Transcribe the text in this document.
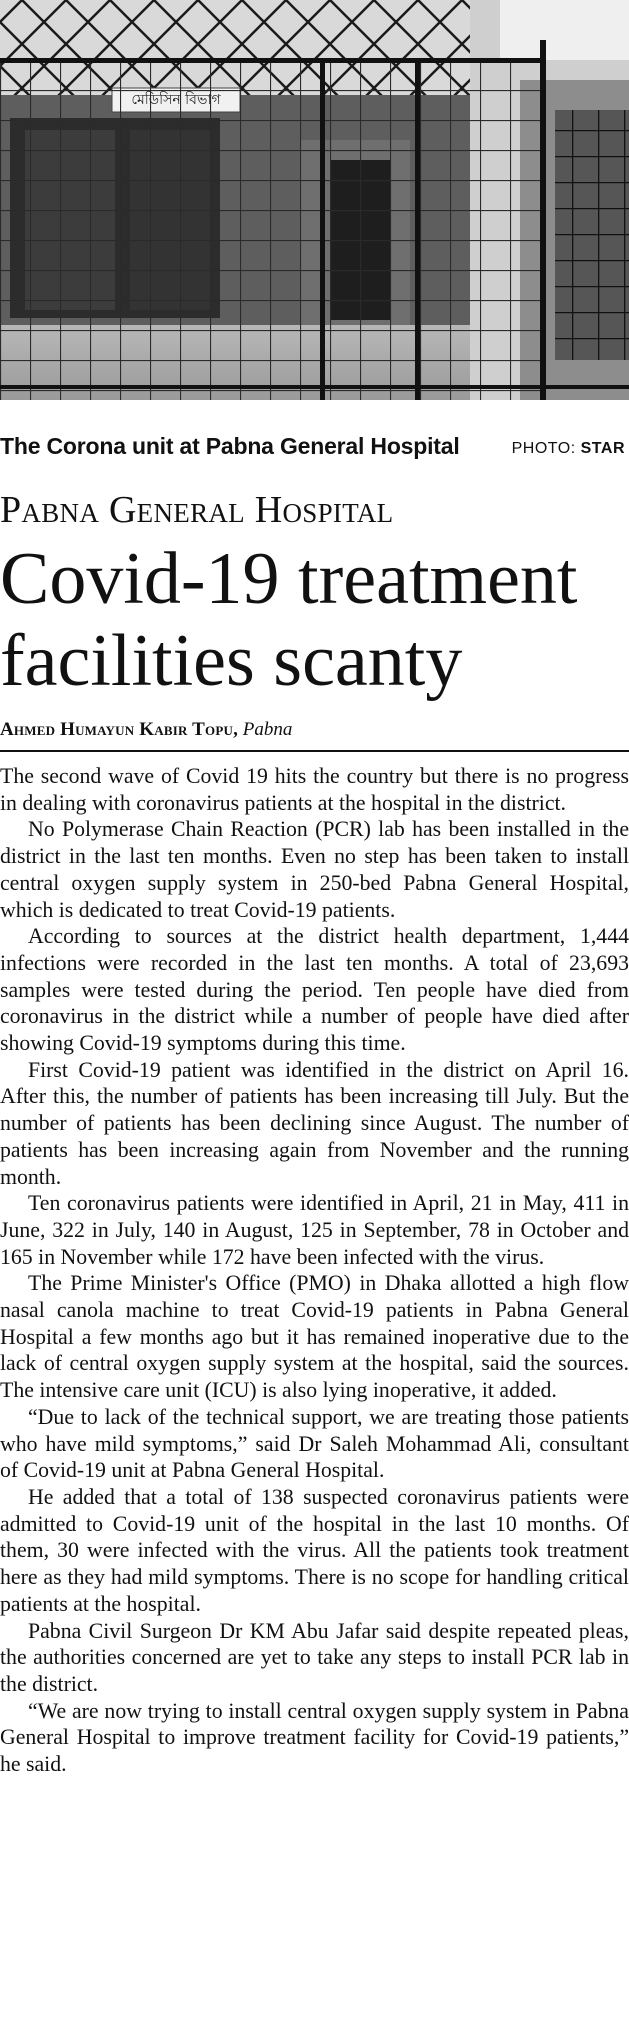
মেডিসিন বিভাগ
The Corona unit at Pabna General Hospital	PHOTO: STAR
Pabna General Hospital
Covid-19 treatment facilities scanty
Ahmed Humayun Kabir Topu, Pabna

The second wave of Covid 19 hits the country but there is no progress in dealing with coronavirus patients at the hospital in the district.

No Polymerase Chain Reaction (PCR) lab has been installed in the district in the last ten months. Even no step has been taken to install central oxygen supply system in 250-bed Pabna General Hospital, which is dedicated to treat Covid-19 patients.

According to sources at the district health department, 1,444 infections were recorded in the last ten months. A total of 23,693 samples were tested during the period. Ten people have died from coronavirus in the district while a number of people have died after showing Covid-19 symptoms during this time.

First Covid-19 patient was identified in the district on April 16. After this, the number of patients has been increasing till July. But the number of patients has been declining since August. The number of patients has been increasing again from November and the running month.

Ten coronavirus patients were identified in April, 21 in May, 411 in June, 322 in July, 140 in August, 125 in September, 78 in October and 165 in November while 172 have been infected with the virus.

The Prime Minister's Office (PMO) in Dhaka allotted a high flow nasal canola machine to treat Covid-19 patients in Pabna General Hospital a few months ago but it has remained inoperative due to the lack of central oxygen supply system at the hospital, said the sources. The intensive care unit (ICU) is also lying inoperative, it added.

“Due to lack of the technical support, we are treating those patients who have mild symptoms,” said Dr Saleh Mohammad Ali, consultant of Covid-19 unit at Pabna General Hospital.

He added that a total of 138 suspected coronavirus patients were admitted to Covid-19 unit of the hospital in the last 10 months. Of them, 30 were infected with the virus. All the patients took treatment here as they had mild symptoms. There is no scope for handling critical patients at the hospital.

Pabna Civil Surgeon Dr KM Abu Jafar said despite repeated pleas, the authorities concerned are yet to take any steps to install PCR lab in the district.

“We are now trying to install central oxygen supply system in Pabna General Hospital to improve treatment facility for Covid-19 patients,” he said.
